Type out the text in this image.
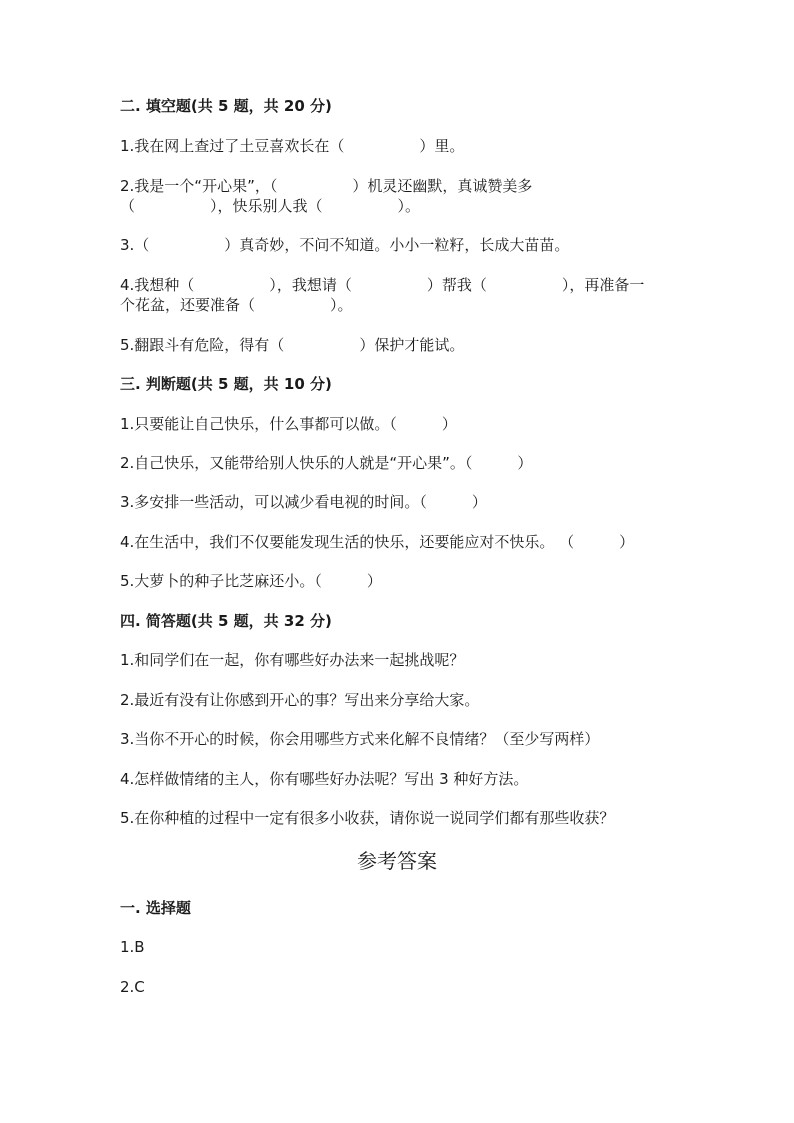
二. 填空题(共 5 题，共 20 分)
1.我在网上查过了土豆喜欢长在（　　　　　）里。
2.我是一个“开心果”，（　　　　　）机灵还幽默，真诚赞美多
（　　　　　），快乐别人我（　　　　　）。
3.（　　　　　）真奇妙，不问不知道。小小一粒籽，长成大苗苗。
4.我想种（　　　　　），我想请（　　　　　）帮我（　　　　　），再准备一
个花盆，还要准备（　　　　　）。
5.翻跟斗有危险，得有（　　　　　）保护才能试。
三. 判断题(共 5 题，共 10 分)
1.只要能让自己快乐，什么事都可以做。（　　　）
2.自己快乐，又能带给别人快乐的人就是“开心果”。（　　　）
3.多安排一些活动，可以减少看电视的时间。（　　　）
4.在生活中，我们不仅要能发现生活的快乐，还要能应对不快乐。 （　　　）
5.大萝卜的种子比芝麻还小。（　　　）
四. 简答题(共 5 题，共 32 分)
1.和同学们在一起，你有哪些好办法来一起挑战呢？
2.最近有没有让你感到开心的事？写出来分享给大家。
3.当你不开心的时候，你会用哪些方式来化解不良情绪？（至少写两样）
4.怎样做情绪的主人，你有哪些好办法呢？写出 3 种好方法。
5.在你种植的过程中一定有很多小收获，请你说一说同学们都有那些收获？
参考答案
一. 选择题
1.B
2.C
